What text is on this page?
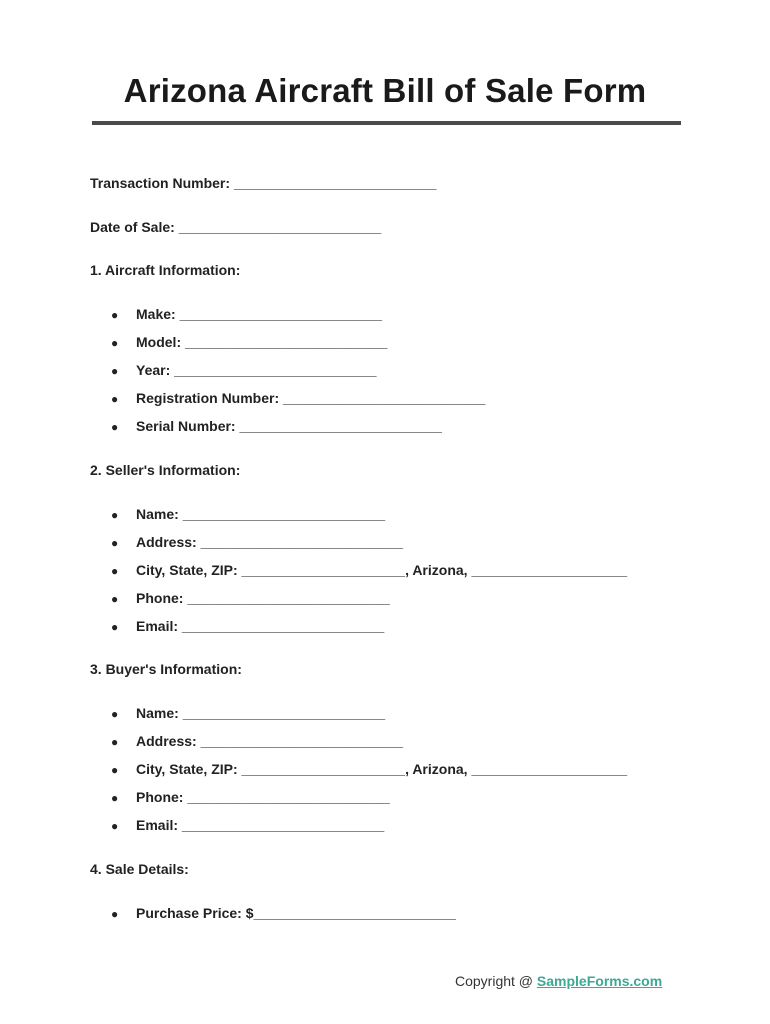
Arizona Aircraft Bill of Sale Form
Transaction Number: __________________________
Date of Sale: __________________________
1. Aircraft Information:
● Make: __________________________
● Model: __________________________
● Year: __________________________
● Registration Number: __________________________
● Serial Number: __________________________
2. Seller's Information:
● Name: __________________________
● Address: __________________________
● City, State, ZIP: _____________________, Arizona, ____________________
● Phone: __________________________
● Email: __________________________
3. Buyer's Information:
● Name: __________________________
● Address: __________________________
● City, State, ZIP: _____________________, Arizona, ____________________
● Phone: __________________________
● Email: __________________________
4. Sale Details:
● Purchase Price: $__________________________
Copyright @ SampleForms.com
